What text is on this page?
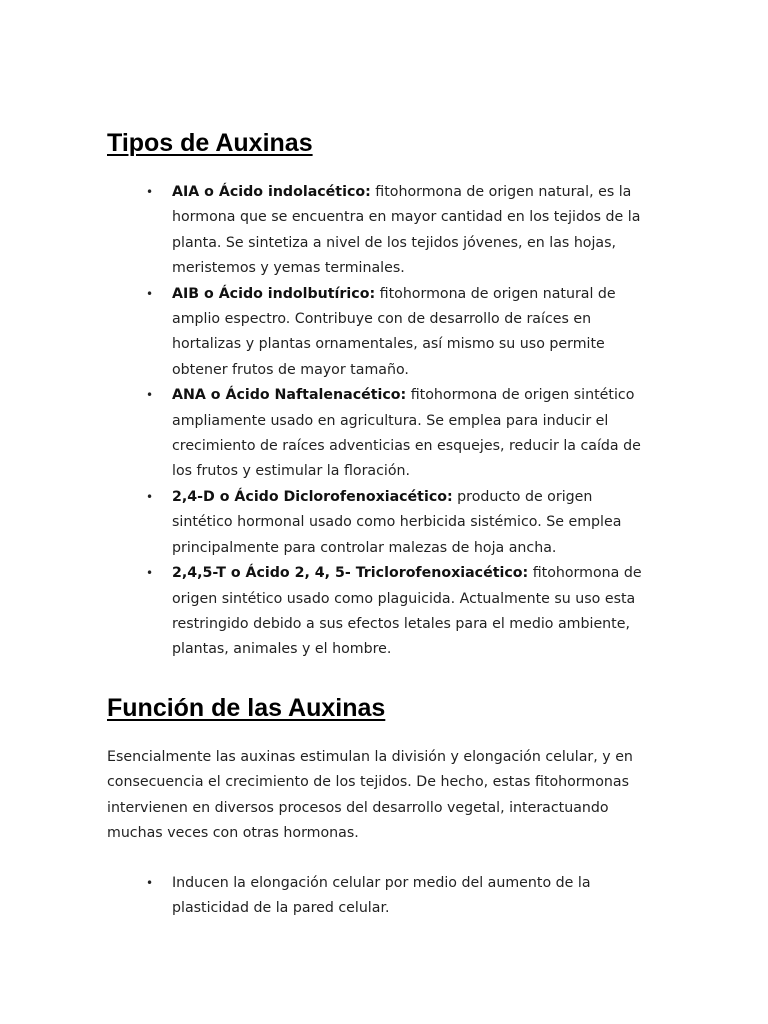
Tipos de Auxinas
• AIA o Ácido indolacético: fitohormona de origen natural, es la hormona que se encuentra en mayor cantidad en los tejidos de la planta. Se sintetiza a nivel de los tejidos jóvenes, en las hojas, meristemos y yemas terminales.
• AIB o Ácido indolbutírico: fitohormona de origen natural de amplio espectro. Contribuye con de desarrollo de raíces en hortalizas y plantas ornamentales, así mismo su uso permite obtener frutos de mayor tamaño.
• ANA o Ácido Naftalenacético: fitohormona de origen sintético ampliamente usado en agricultura. Se emplea para inducir el crecimiento de raíces adventicias en esquejes, reducir la caída de los frutos y estimular la floración.
• 2,4-D o Ácido Diclorofenoxiacético: producto de origen sintético hormonal usado como herbicida sistémico. Se emplea principalmente para controlar malezas de hoja ancha.
• 2,4,5-T o Ácido 2, 4, 5- Triclorofenoxiacético: fitohormona de origen sintético usado como plaguicida. Actualmente su uso esta restringido debido a sus efectos letales para el medio ambiente, plantas, animales y el hombre.
Función de las Auxinas

Esencialmente las auxinas estimulan la división y elongación celular, y en consecuencia el crecimiento de los tejidos. De hecho, estas fitohormonas intervienen en diversos procesos del desarrollo vegetal, interactuando muchas veces con otras hormonas.

• Inducen la elongación celular por medio del aumento de la plasticidad de la pared celular.
